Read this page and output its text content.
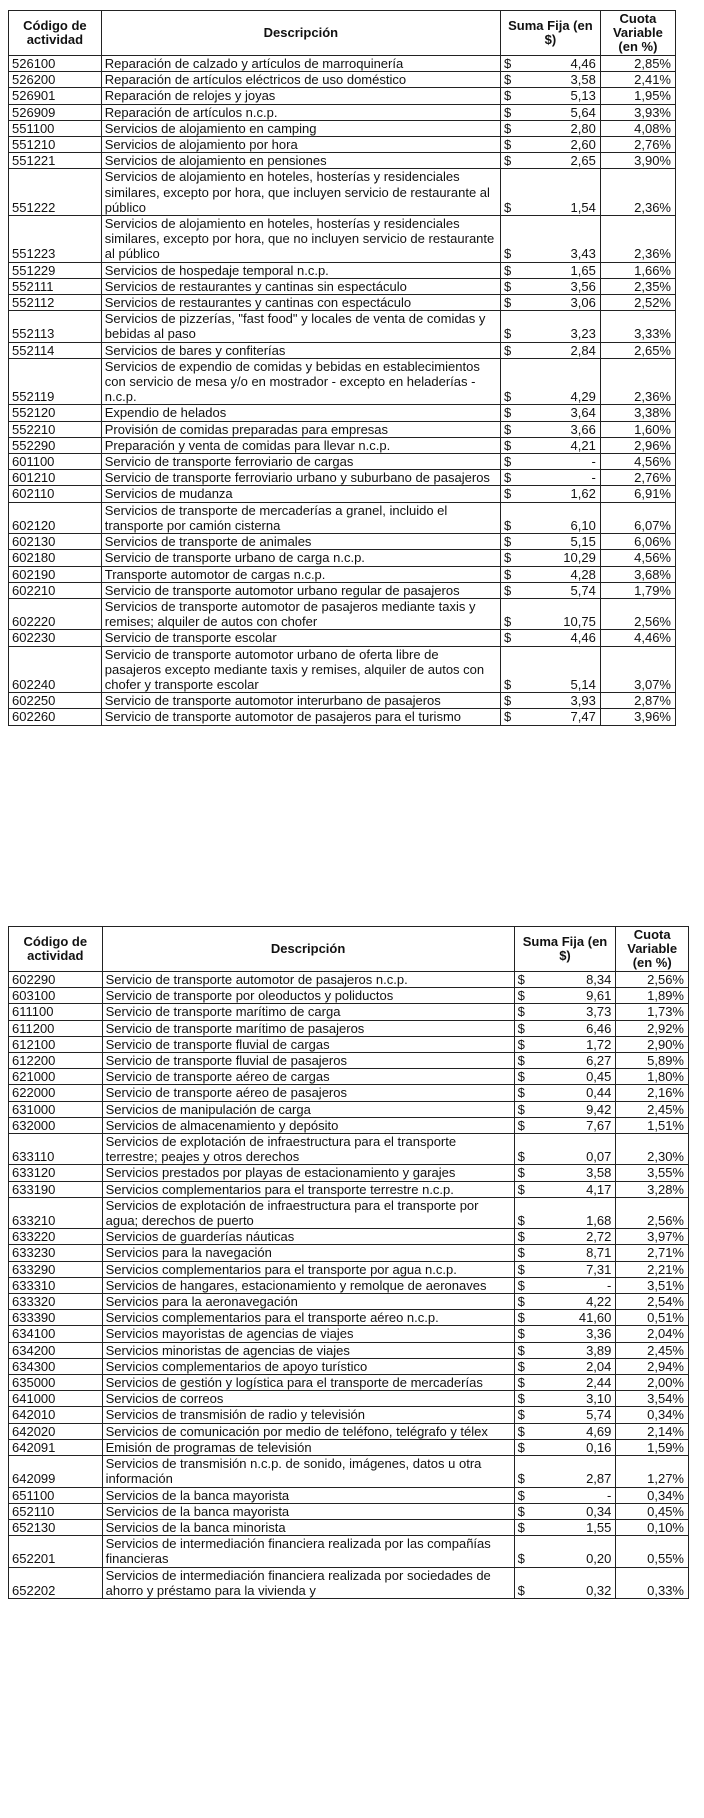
Código de actividad	Descripción	Suma Fija (en $)		Cuota Variable (en %)
526100	Reparación de calzado y artículos de marroquinería	$	4,46	2,85%
526200	Reparación de artículos eléctricos de uso doméstico	$	3,58	2,41%
526901	Reparación de relojes y joyas	$	5,13	1,95%
526909	Reparación de artículos n.c.p.	$	5,64	3,93%
551100	Servicios de alojamiento en camping	$	2,80	4,08%
551210	Servicios de alojamiento por hora	$	2,60	2,76%
551221	Servicios de alojamiento en pensiones	$	2,65	3,90%
551222	Servicios de alojamiento en hoteles, hosterías y residenciales similares, excepto por hora, que incluyen servicio de restaurante al público	$	1,54	2,36%
551223	Servicios de alojamiento en hoteles, hosterías y residenciales similares, excepto por hora, que no incluyen servicio de restaurante al público	$	3,43	2,36%
551229	Servicios de hospedaje temporal n.c.p.	$	1,65	1,66%
552111	Servicios de restaurantes y cantinas sin espectáculo	$	3,56	2,35%
552112	Servicios de restaurantes y cantinas con espectáculo	$	3,06	2,52%
552113	Servicios de pizzerías, "fast food" y locales de venta de comidas y bebidas al paso	$	3,23	3,33%
552114	Servicios de bares y confiterías	$	2,84	2,65%
552119	Servicios de expendio de comidas y bebidas en establecimientos con servicio de mesa y/o en mostrador - excepto en heladerías - n.c.p.	$	4,29	2,36%
552120	Expendio de helados	$	3,64	3,38%
552210	Provisión de comidas preparadas para empresas	$	3,66	1,60%
552290	Preparación y venta de comidas para llevar n.c.p.	$	4,21	2,96%
601100	Servicio de transporte ferroviario de cargas	$	-	4,56%
601210	Servicio de transporte ferroviario urbano y suburbano de pasajeros	$	-	2,76%
602110	Servicios de mudanza	$	1,62	6,91%
602120	Servicios de transporte de mercaderías a granel, incluido el transporte por camión cisterna	$	6,10	6,07%
602130	Servicios de transporte de animales	$	5,15	6,06%
602180	Servicio de transporte urbano de carga n.c.p.	$	10,29	4,56%
602190	Transporte automotor de cargas n.c.p.	$	4,28	3,68%
602210	Servicio de transporte automotor urbano regular de pasajeros	$	5,74	1,79%
602220	Servicios de transporte automotor de pasajeros mediante taxis y remises; alquiler de autos con chofer	$	10,75	2,56%
602230	Servicio de transporte escolar	$	4,46	4,46%
602240	Servicio de transporte automotor urbano de oferta libre de pasajeros excepto mediante taxis y remises, alquiler de autos con chofer y transporte escolar	$	5,14	3,07%
602250	Servicio de transporte automotor interurbano de pasajeros	$	3,93	2,87%
602260	Servicio de transporte automotor de pasajeros para el turismo	$	7,47	3,96%
Código de actividad	Descripción	Suma Fija (en $)		Cuota Variable (en %)
602290	Servicio de transporte automotor de pasajeros n.c.p.	$	8,34	2,56%
603100	Servicio de transporte por oleoductos y poliductos	$	9,61	1,89%
611100	Servicio de transporte marítimo de carga	$	3,73	1,73%
611200	Servicio de transporte marítimo de pasajeros	$	6,46	2,92%
612100	Servicio de transporte fluvial de cargas	$	1,72	2,90%
612200	Servicio de transporte fluvial de pasajeros	$	6,27	5,89%
621000	Servicio de transporte aéreo de cargas	$	0,45	1,80%
622000	Servicio de transporte aéreo de pasajeros	$	0,44	2,16%
631000	Servicios de manipulación de carga	$	9,42	2,45%
632000	Servicios de almacenamiento y depósito	$	7,67	1,51%
633110	Servicios de explotación de infraestructura para el transporte terrestre; peajes y otros derechos	$	0,07	2,30%
633120	Servicios prestados por playas de estacionamiento y garajes	$	3,58	3,55%
633190	Servicios complementarios para el transporte terrestre n.c.p.	$	4,17	3,28%
633210	Servicios de explotación de infraestructura para el transporte por agua; derechos de puerto	$	1,68	2,56%
633220	Servicios de guarderías náuticas	$	2,72	3,97%
633230	Servicios para la navegación	$	8,71	2,71%
633290	Servicios complementarios para el transporte por agua n.c.p.	$	7,31	2,21%
633310	Servicios de hangares, estacionamiento y remolque de aeronaves	$	-	3,51%
633320	Servicios para la aeronavegación	$	4,22	2,54%
633390	Servicios complementarios para el transporte aéreo n.c.p.	$	41,60	0,51%
634100	Servicios mayoristas de agencias de viajes	$	3,36	2,04%
634200	Servicios minoristas de agencias de viajes	$	3,89	2,45%
634300	Servicios complementarios de apoyo turístico	$	2,04	2,94%
635000	Servicios de gestión y logística para el transporte de mercaderías	$	2,44	2,00%
641000	Servicios de correos	$	3,10	3,54%
642010	Servicios de transmisión de radio y televisión	$	5,74	0,34%
642020	Servicios de comunicación por medio de teléfono, telégrafo y télex	$	4,69	2,14%
642091	Emisión de programas de televisión	$	0,16	1,59%
642099	Servicios de transmisión n.c.p. de sonido, imágenes, datos u otra información	$	2,87	1,27%
651100	Servicios de la banca mayorista	$	-	0,34%
652110	Servicios de la banca mayorista	$	0,34	0,45%
652130	Servicios de la banca minorista	$	1,55	0,10%
652201	Servicios de intermediación financiera realizada por las compañías financieras	$	0,20	0,55%
652202	Servicios de intermediación financiera realizada por sociedades de ahorro y préstamo para la vivienda y	$	0,32	0,33%
